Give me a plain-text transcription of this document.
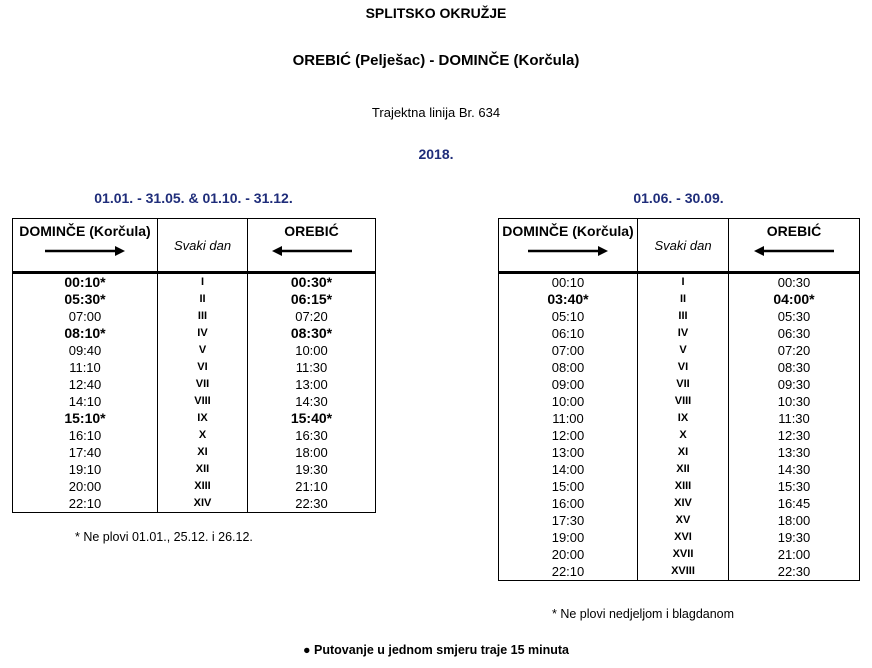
SPLITSKO OKRUŽJE
OREBIĆ (Pelješac) - DOMINČE (Korčula)
Trajektna linija Br. 634
2018.
01.01. - 31.05. & 01.10. - 31.12.	01.06. - 30.09.
DOMINČE (Korčula)	Svaki dan	OREBIĆ

00:10*	I	00:30*
05:30*	II	06:15*
07:00	III	07:20
08:10*	IV	08:30*
09:40	V	10:00
11:10	VI	11:30
12:40	VII	13:00
14:10	VIII	14:30
15:10*	IX	15:40*
16:10	X	16:30
17:40	XI	18:00
19:10	XII	19:30
20:00	XIII	21:10
22:10	XIV	22:30
DOMINČE (Korčula)	Svaki dan	OREBIĆ

00:10	I	00:30
03:40*	II	04:00*
05:10	III	05:30
06:10	IV	06:30
07:00	V	07:20
08:00	VI	08:30
09:00	VII	09:30
10:00	VIII	10:30
11:00	IX	11:30
12:00	X	12:30
13:00	XI	13:30
14:00	XII	14:30
15:00	XIII	15:30
16:00	XIV	16:45
17:30	XV	18:00
19:00	XVI	19:30
20:00	XVII	21:00
22:10	XVIII	22:30
* Ne plovi 01.01., 25.12. i 26.12.
* Ne plovi nedjeljom i blagdanom
● Putovanje u jednom smjeru traje 15 minuta
